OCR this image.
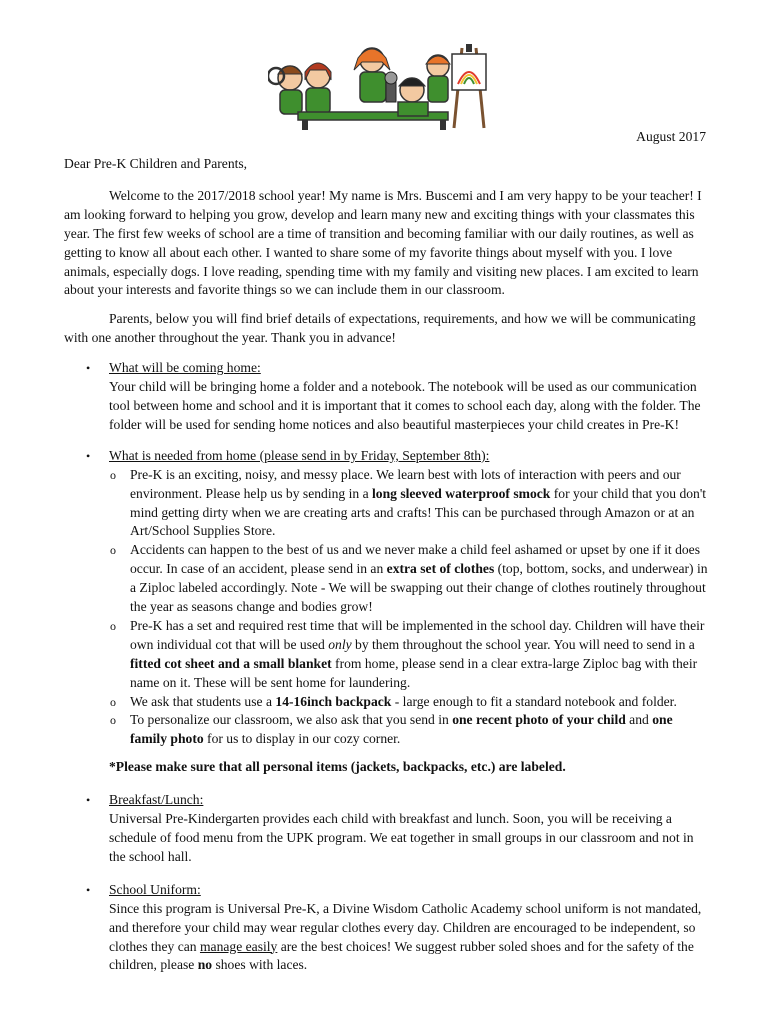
August 2017

Dear Pre-K Children and Parents,

Welcome to the 2017/2018 school year! My name is Mrs. Buscemi and I am very happy to be your teacher! I am looking forward to helping you grow, develop and learn many new and exciting things with your classmates this year. The first few weeks of school are a time of transition and becoming familiar with our daily routines, as well as getting to know all about each other. I wanted to share some of my favorite things about myself with you. I love animals, especially dogs. I love reading, spending time with my family and visiting new places. I am excited to learn about your interests and favorite things so we can include them in our classroom.

Parents, below you will find brief details of expectations, requirements, and how we will be communicating with one another throughout the year. Thank you in advance!

• What will be coming home:
Your child will be bringing home a folder and a notebook. The notebook will be used as our communication tool between home and school and it is important that it comes to school each day, along with the folder. The folder will be used for sending home notices and also beautiful masterpieces your child creates in Pre-K!
• What is needed from home (please send in by Friday, September 8th):
o Pre-K is an exciting, noisy, and messy place. We learn best with lots of interaction with peers and our environment. Please help us by sending in a long sleeved waterproof smock for your child that you don't mind getting dirty when we are creating arts and crafts! This can be purchased through Amazon or at an Art/School Supplies Store.
o Accidents can happen to the best of us and we never make a child feel ashamed or upset by one if it does occur. In case of an accident, please send in an extra set of clothes (top, bottom, socks, and underwear) in a Ziploc labeled accordingly. Note - We will be swapping out their change of clothes routinely throughout the year as seasons change and bodies grow!
o Pre-K has a set and required rest time that will be implemented in the school day. Children will have their own individual cot that will be used only by them throughout the school year. You will need to send in a fitted cot sheet and a small blanket from home, please send in a clear extra-large Ziploc bag with their name on it. These will be sent home for laundering.
o We ask that students use a 14-16inch backpack - large enough to fit a standard notebook and folder.
o To personalize our classroom, we also ask that you send in one recent photo of your child and one family photo for us to display in our cozy corner.

*Please make sure that all personal items (jackets, backpacks, etc.) are labeled.

• Breakfast/Lunch:
Universal Pre-Kindergarten provides each child with breakfast and lunch. Soon, you will be receiving a schedule of food menu from the UPK program. We eat together in small groups in our classroom and not in the school hall.
• School Uniform:
Since this program is Universal Pre-K, a Divine Wisdom Catholic Academy school uniform is not mandated, and therefore your child may wear regular clothes every day. Children are encouraged to be independent, so clothes they can manage easily are the best choices! We suggest rubber soled shoes and for the safety of the children, please no shoes with laces.
